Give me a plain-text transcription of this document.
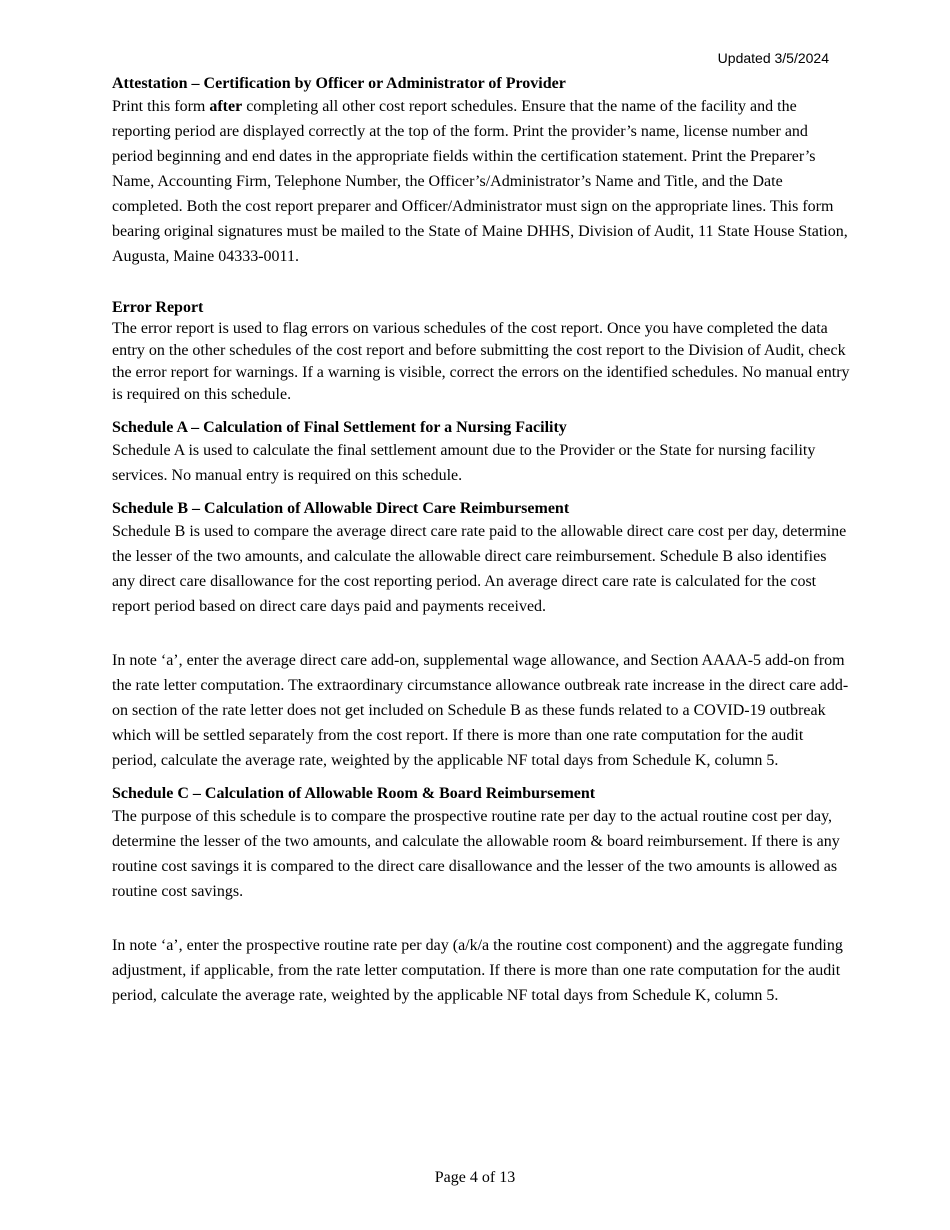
Updated 3/5/2024

Attestation – Certification by Officer or Administrator of Provider

Print this form after completing all other cost report schedules. Ensure that the name of the facility and the reporting period are displayed correctly at the top of the form. Print the provider’s name, license number and period beginning and end dates in the appropriate fields within the certification statement. Print the Preparer’s Name, Accounting Firm, Telephone Number, the Officer’s/Administrator’s Name and Title, and the Date completed. Both the cost report preparer and Officer/Administrator must sign on the appropriate lines. This form bearing original signatures must be mailed to the State of Maine DHHS, Division of Audit, 11 State House Station, Augusta, Maine 04333-0011.

Error Report

The error report is used to flag errors on various schedules of the cost report. Once you have completed the data entry on the other schedules of the cost report and before submitting the cost report to the Division of Audit, check the error report for warnings. If a warning is visible, correct the errors on the identified schedules. No manual entry is required on this schedule.

Schedule A – Calculation of Final Settlement for a Nursing Facility

Schedule A is used to calculate the final settlement amount due to the Provider or the State for nursing facility services. No manual entry is required on this schedule.

Schedule B – Calculation of Allowable Direct Care Reimbursement

Schedule B is used to compare the average direct care rate paid to the allowable direct care cost per day, determine the lesser of the two amounts, and calculate the allowable direct care reimbursement. Schedule B also identifies any direct care disallowance for the cost reporting period. An average direct care rate is calculated for the cost report period based on direct care days paid and payments received.

In note ‘a’, enter the average direct care add-on, supplemental wage allowance, and Section AAAA-5 add-on from the rate letter computation. The extraordinary circumstance allowance outbreak rate increase in the direct care add-on section of the rate letter does not get included on Schedule B as these funds related to a COVID-19 outbreak which will be settled separately from the cost report. If there is more than one rate computation for the audit period, calculate the average rate, weighted by the applicable NF total days from Schedule K, column 5.

Schedule C – Calculation of Allowable Room & Board Reimbursement

The purpose of this schedule is to compare the prospective routine rate per day to the actual routine cost per day, determine the lesser of the two amounts, and calculate the allowable room & board reimbursement. If there is any routine cost savings it is compared to the direct care disallowance and the lesser of the two amounts is allowed as routine cost savings.

In note ‘a’, enter the prospective routine rate per day (a/k/a the routine cost component) and the aggregate funding adjustment, if applicable, from the rate letter computation. If there is more than one rate computation for the audit period, calculate the average rate, weighted by the applicable NF total days from Schedule K, column 5.

Page 4 of 13
